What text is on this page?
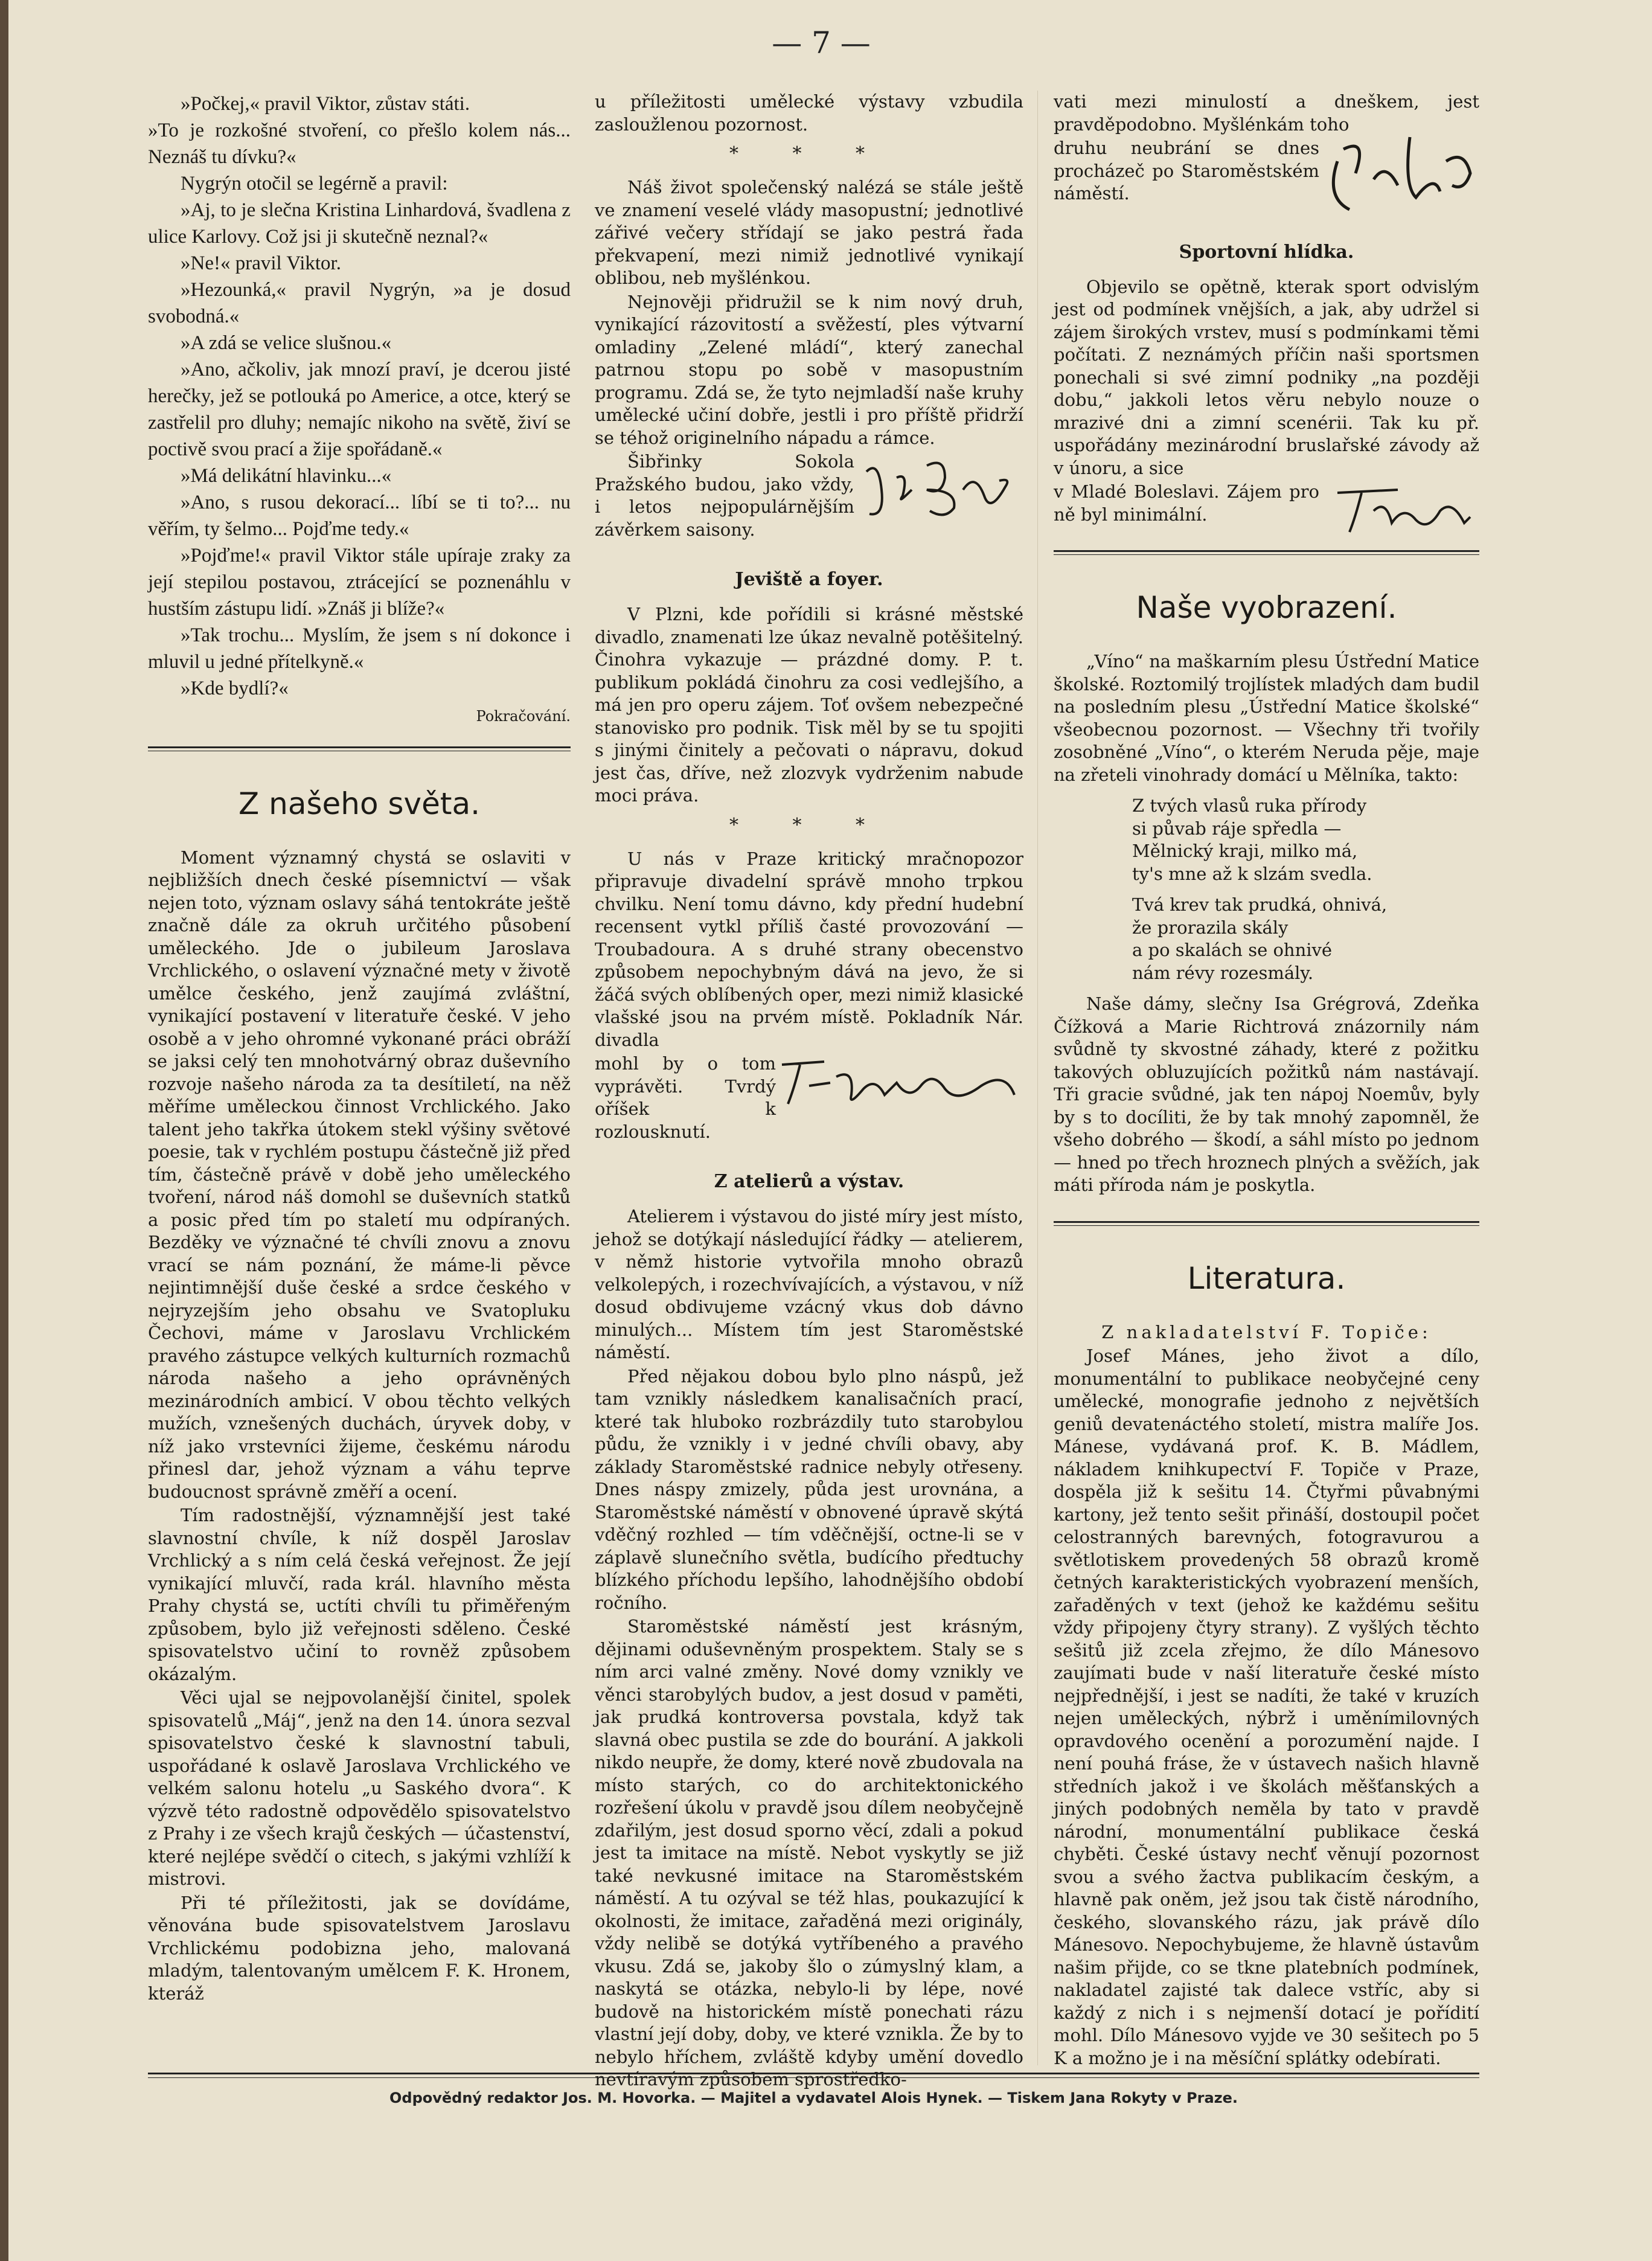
— 7 —

»Počkej,« pravil Viktor, zůstav státi.

»To je rozkošné stvoření, co přešlo kolem nás... Neznáš tu dívku?«

Nygrýn otočil se legérně a pravil:

»Aj, to je slečna Kristina Linhardová, švadlena z ulice Karlovy. Což jsi ji skutečně neznal?«

»Ne!« pravil Viktor.

»Hezounká,« pravil Nygrýn, »a je dosud svobodná.«

»A zdá se velice slušnou.«

»Ano, ačkoliv, jak mnozí praví, je dcerou jisté herečky, jež se potlouká po Americe, a otce, který se zastřelil pro dluhy; nemajíc nikoho na světě, živí se poctivě svou prací a žije spořádaně.«

»Má delikátní hlavinku...«

»Ano, s rusou dekorací... líbí se ti to?... nu věřím, ty šelmo... Pojďme tedy.«

»Pojďme!« pravil Viktor stále upíraje zraky za její stepilou postavou, ztrácející se poznenáhlu v hustším zástupu lidí. »Znáš ji blíže?«

»Tak trochu... Myslím, že jsem s ní dokonce i mluvil u jedné přítelkyně.«

»Kde bydlí?«

Pokračování.

Z našeho světa.

Moment významný chystá se oslaviti v nejbližších dnech české písemnictví — však nejen toto, význam oslavy sáhá tentokráte ještě značně dále za okruh určitého působení uměleckého. Jde o jubileum Jaroslava Vrchlického, o oslavení význačné mety v životě umělce českého, jenž zaujímá zvláštní, vynikající postavení v literatuře české. V jeho osobě a v jeho ohromné vykonané práci obráží se jaksi celý ten mnohotvárný obraz duševního rozvoje našeho národa za ta desítiletí, na něž měříme uměleckou činnost Vrchlického. Jako talent jeho takřka útokem stekl výšiny světové poesie, tak v rychlém postupu částečně již před tím, částečně právě v době jeho uměleckého tvoření, národ náš domohl se duševních statků a posic před tím po staletí mu odpíraných. Bezděky ve význačné té chvíli znovu a znovu vrací se nám poznání, že máme-li pěvce nejintimnější duše české a srdce českého v nejryzejším jeho obsahu ve Svatopluku Čechovi, máme v Jaroslavu Vrchlickém pravého zástupce velkých kulturních rozmachů národa našeho a jeho oprávněných mezinárodních ambicí. V obou těchto velkých mužích, vznešených duchách, úryvek doby, v níž jako vrstevníci žijeme, českému národu přinesl dar, jehož význam a váhu teprve budoucnost správně změří a ocení.

Tím radostnější, významnější jest také slavnostní chvíle, k níž dospěl Jaroslav Vrchlický a s ním celá česká veřejnost. Že její vynikající mluvčí, rada král. hlavního města Prahy chystá se, uctíti chvíli tu přiměřeným způsobem, bylo již veřejnosti sděleno. České spisovatelstvo učiní to rovněž způsobem okázalým.

Věci ujal se nejpovolanější činitel, spolek spisovatelů „Máj“, jenž na den 14. února sezval spisovatelstvo české k slavnostní tabuli, uspořádané k oslavě Jaroslava Vrchlického ve velkém salonu hotelu „u Saského dvora“. K výzvě této radostně odpovědělo spisovatelstvo z Prahy i ze všech krajů českých — účastenství, které nejlépe svědčí o citech, s jakými vzhlíží k mistrovi.

Při té příležitosti, jak se dovídáme, věnována bude spisovatelstvem Jaroslavu Vrchlickému podobizna jeho, malovaná mladým, talentovaným umělcem F. K. Hronem, kteráž

u příležitosti umělecké výstavy vzbudila zasloužlenou pozornost.

* * *

Náš život společenský nalézá se stále ještě ve znamení veselé vlády masopustní; jednotlivé zářivé večery střídají se jako pestrá řada překvapení, mezi nimiž jednotlivé vynikají oblibou, neb myšlénkou.

Nejnověji přidružil se k nim nový druh, vynikající rázovitostí a svěžestí, ples výtvarní omladiny „Zelené mládí“, který zanechal patrnou stopu po sobě v masopustním programu. Zdá se, že tyto nejmladší naše kruhy umělecké učiní dobře, jestli i pro příště přidrží se téhož originelního nápadu a rámce.

Šibřinky Sokola Pražského budou, jako vždy, i letos nejpopulárnějším závěrkem saisony.

Jeviště a foyer.

V Plzni, kde pořídili si krásné městské divadlo, znamenati lze úkaz nevalně potěšitelný. Činohra vykazuje — prázdné domy. P. t. publikum pokládá činohru za cosi vedlejšího, a má jen pro operu zájem. Toť ovšem nebezpečné stanovisko pro podnik. Tisk měl by se tu spojiti s jinými činitely a pečovati o nápravu, dokud jest čas, dříve, než zlozvyk vydrženim nabude moci práva.

* * *

U nás v Praze kritický mračnopozor připravuje divadelní správě mnoho trpkou chvilku. Není tomu dávno, kdy přední hudební recensent vytkl příliš časté provozování — Troubadoura. A s druhé strany obecenstvo způsobem nepochybným dává na jevo, že si žáčá svých oblíbených oper, mezi nimiž klasické vlašské jsou na prvém místě. Pokladník Nár. divadla

mohl by o tom vyprávěti. Tvrdý oříšek k rozlousknutí.

Z atelierů a výstav.

Atelierem i výstavou do jisté míry jest místo, jehož se dotýkají následující řádky — atelierem, v němž historie vytvořila mnoho obrazů velkolepých, i rozechvívajících, a výstavou, v níž dosud obdivujeme vzácný vkus dob dávno minulých... Místem tím jest Staroměstské náměstí.

Před nějakou dobou bylo plno náspů, jež tam vznikly následkem kanalisačních prací, které tak hluboko rozbrázdily tuto starobylou půdu, že vznikly i v jedné chvíli obavy, aby základy Staroměstské radnice nebyly otřeseny. Dnes náspy zmizely, půda jest urovnána, a Staroměstské náměstí v obnovené úpravě skýtá vděčný rozhled — tím vděčnější, octne-li se v záplavě slunečního světla, budícího předtuchy blízkého příchodu lepšího, lahodnějšího období ročního.

Staroměstské náměstí jest krásným, dějinami oduševněným prospektem. Staly se s ním arci valné změny. Nové domy vznikly ve věnci starobylých budov, a jest dosud v paměti, jak prudká kontroversa povstala, když tak slavná obec pustila se zde do bourání. A jakkoli nikdo neupře, že domy, které nově zbudovala na místo starých, co do architektonického rozřešení úkolu v pravdě jsou dílem neobyčejně zdařilým, jest dosud sporno věcí, zdali a pokud jest ta imitace na místě. Nebot vyskytly se již také nevkusné imitace na Staroměstském náměstí. A tu ozýval se též hlas, poukazující k okolnosti, že imitace, zařaděná mezi originály, vždy nelibě se dotýká vytříbeného a pravého vkusu. Zdá se, jakoby šlo o zúmyslný klam, a naskytá se otázka, nebylo-li by lépe, nové budově na historickém místě ponechati rázu vlastní její doby, doby, ve které vznikla. Že by to nebylo hříchem, zvláště kdyby umění dovedlo nevtíravým způsobem sprostředko-

vati mezi minulostí a dneškem, jest pravděpodobno. Myšlénkám toho

druhu neubrání se dnes procházeč po Staroměstském náměstí.

Sportovní hlídka.

Objevilo se opětně, kterak sport odvislým jest od podmínek vnějších, a jak, aby udržel si zájem širokých vrstev, musí s podmínkami těmi počítati. Z neznámých příčin naši sportsmen ponechali si své zimní podniky „na později dobu,“ jakkoli letos věru nebylo nouze o mrazivé dni a zimní scenérii. Tak ku př. uspořádány mezinárodní bruslařské závody až v únoru, a sice

v Mladé Boleslavi. Zájem pro ně byl minimální.

Naše vyobrazení.

„Víno“ na maškarním plesu Ústřední Matice školské. Roztomilý trojlístek mladých dam budil na posledním plesu „Ústřední Matice školské“ všeobecnou pozornost. — Všechny tři tvořily zosobněné „Víno“, o kterém Neruda pěje, maje na zřeteli vinohrady domácí u Mělníka, takto:

Z tvých vlasů ruka přírody
si půvab ráje spředla —
Mělnický kraji, milko má,
ty's mne až k slzám svedla.
Tvá krev tak prudká, ohnivá,
že prorazila skály
a po skalách se ohnivé
nám révy rozesmály.

Naše dámy, slečny Isa Grégrová, Zdeňka Čížková a Marie Richtrová znázornily nám svůdně ty skvostné záhady, které z požitku takových obluzujících požitků nám nastávají. Tři gracie svůdné, jak ten nápoj Noemův, byly by s to docíliti, že by tak mnohý zapomněl, že všeho dobrého — škodí, a sáhl místo po jednom — hned po třech hroznech plných a svěžích, jak máti příroda nám je poskytla.

Literatura.

Z nakladatelství F. Topiče:

Josef Mánes, jeho život a dílo, monumentální to publikace neobyčejné ceny umělecké, monografie jednoho z největších geniů devatenáctého století, mistra malíře Jos. Mánese, vydávaná prof. K. B. Mádlem, nákladem knihkupectví F. Topiče v Praze, dospěla již k sešitu 14. Čtyřmi půvabnými kartony, jež tento sešit přináší, dostoupil počet celostranných barevných, fotogravurou a světlotiskem provedených 58 obrazů kromě četných karakteristických vyobrazení menších, zařaděných v text (jehož ke každému sešitu vždy připojeny čtyry strany). Z vyšlých těchto sešitů již zcela zřejmo, že dílo Mánesovo zaujímati bude v naší literatuře české místo nejpřednější, i jest se nadíti, že také v kruzích nejen uměleckých, nýbrž i uměnímilovných opravdového ocenění a porozumění najde. I není pouhá fráse, že v ústavech našich hlavně středních jakož i ve školách měšťanských a jiných podobných neměla by tato v pravdě národní, monumentální publikace česká chyběti. České ústavy nechť věnují pozornost svou a svého žactva publikacím českým, a hlavně pak oněm, jež jsou tak čistě národního, českého, slovanského rázu, jak právě dílo Mánesovo. Nepochybujeme, že hlavně ústavům našim přijde, co se tkne platebních podmínek, nakladatel zajisté tak dalece vstříc, aby si každý z nich i s nejmenší dotací je pořídití mohl. Dílo Mánesovo vyjde ve 30 sešitech po 5 K a možno je i na měsíční splátky odebírati.

Odpovědný redaktor Jos. M. Hovorka. — Majitel a vydavatel Alois Hynek. — Tiskem Jana Rokyty v Praze.
